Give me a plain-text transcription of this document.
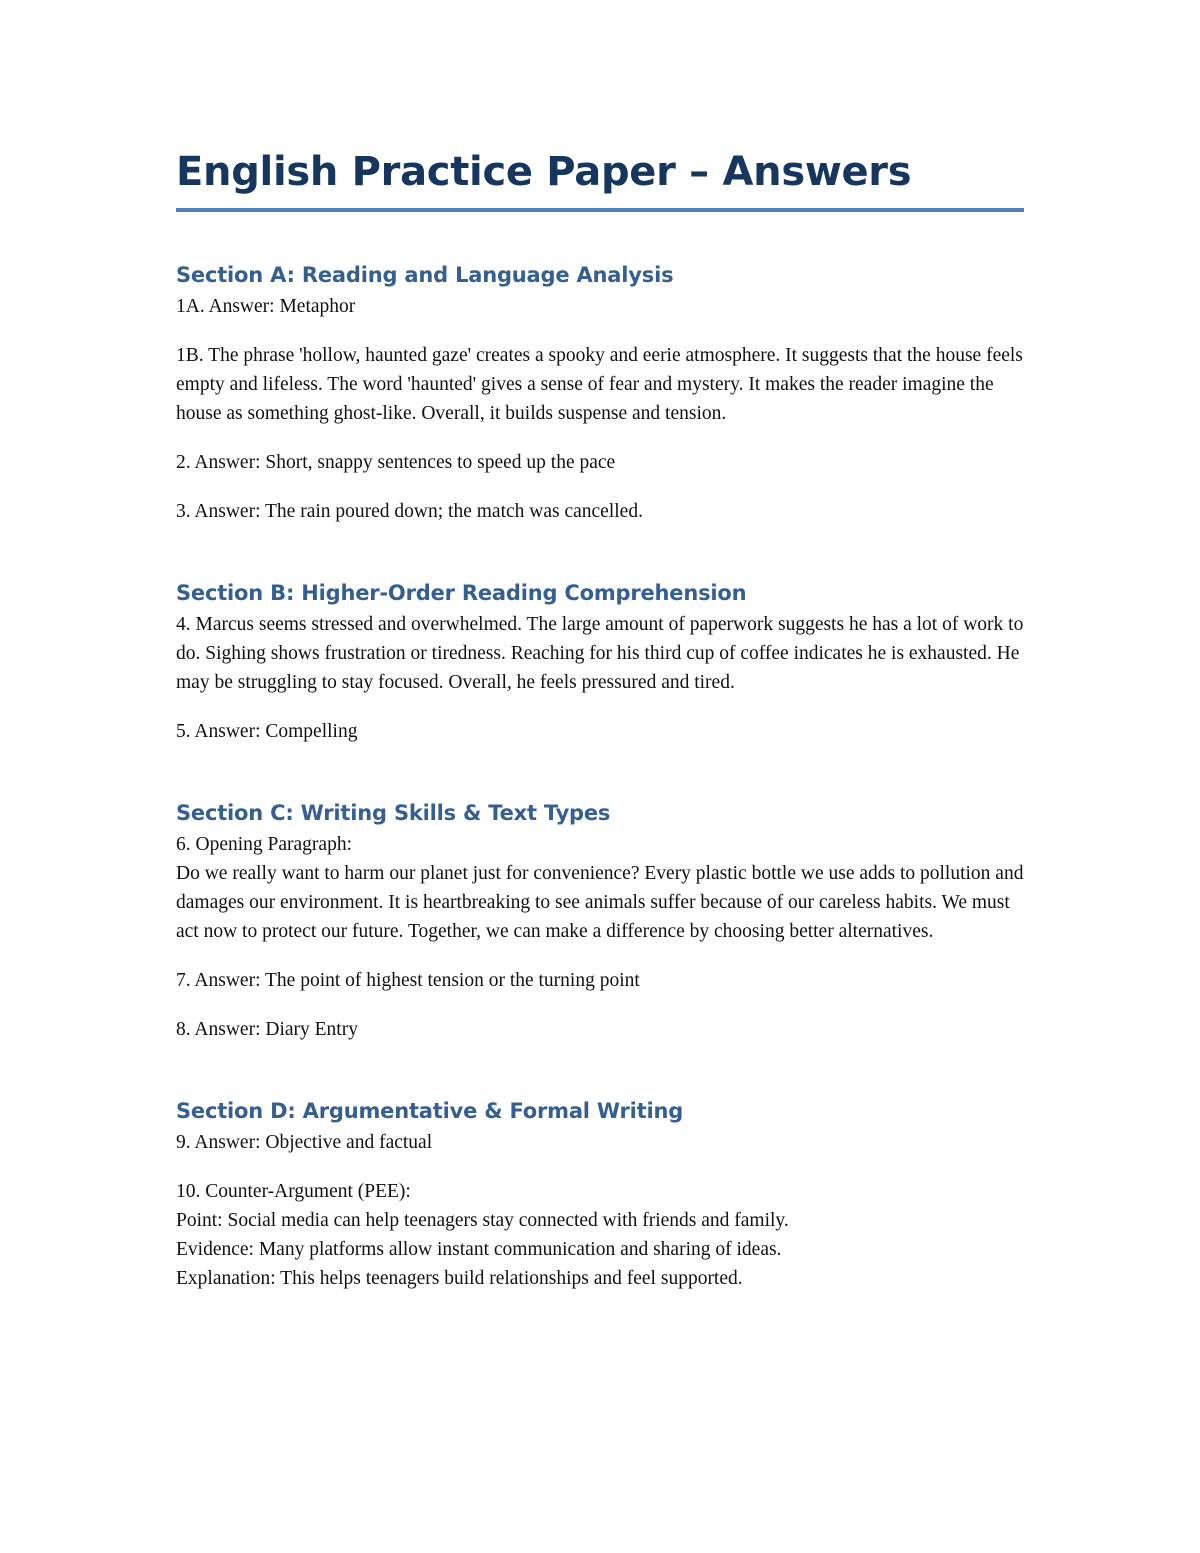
English Practice Paper – Answers
Section A: Reading and Language Analysis

1A. Answer: Metaphor

1B. The phrase 'hollow, haunted gaze' creates a spooky and eerie atmosphere. It suggests that the house feels empty and lifeless. The word 'haunted' gives a sense of fear and mystery. It makes the reader imagine the house as something ghost-like. Overall, it builds suspense and tension.

2. Answer: Short, snappy sentences to speed up the pace

3. Answer: The rain poured down; the match was cancelled.

Section B: Higher-Order Reading Comprehension

4. Marcus seems stressed and overwhelmed. The large amount of paperwork suggests he has a lot of work to do. Sighing shows frustration or tiredness. Reaching for his third cup of coffee indicates he is exhausted. He may be struggling to stay focused. Overall, he feels pressured and tired.

5. Answer: Compelling

Section C: Writing Skills & Text Types

6. Opening Paragraph:
Do we really want to harm our planet just for convenience? Every plastic bottle we use adds to pollution and damages our environment. It is heartbreaking to see animals suffer because of our careless habits. We must act now to protect our future. Together, we can make a difference by choosing better alternatives.

7. Answer: The point of highest tension or the turning point

8. Answer: Diary Entry

Section D: Argumentative & Formal Writing

9. Answer: Objective and factual

10. Counter-Argument (PEE):
Point: Social media can help teenagers stay connected with friends and family.
Evidence: Many platforms allow instant communication and sharing of ideas.
Explanation: This helps teenagers build relationships and feel supported.
